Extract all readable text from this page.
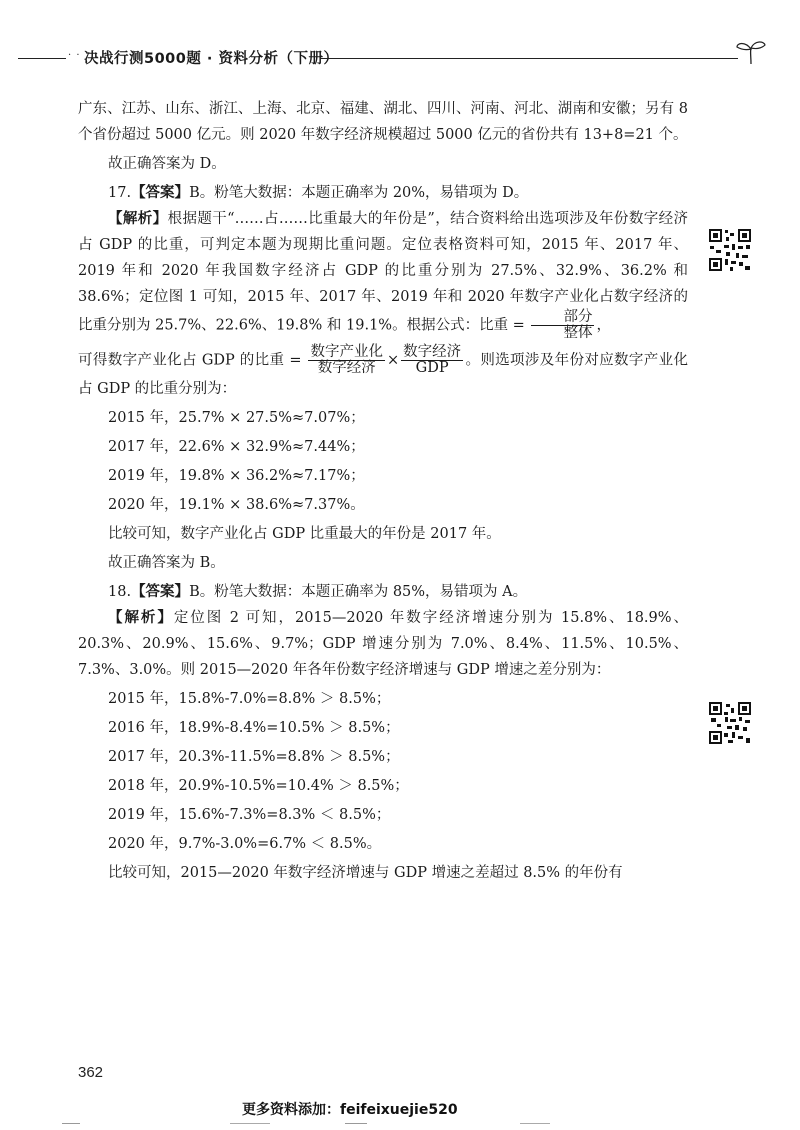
· · 决战行测5000题 · 资料分析（下册）
广东、江苏、山东、浙江、上海、北京、福建、湖北、四川、河南、河北、湖南和安徽；另有 8 个省份超过 5000 亿元。则 2020 年数字经济规模超过 5000 亿元的省份共有 13+8=21 个。
故正确答案为 D。
17.【答案】B。粉笔大数据：本题正确率为 20%，易错项为 D。
【解析】根据题干“……占……比重最大的年份是”，结合资料给出选项涉及年份数字经济占 GDP 的比重，可判定本题为现期比重问题。定位表格资料可知，2015 年、2017 年、2019 年和 2020 年我国数字经济占 GDP 的比重分别为 27.5%、32.9%、36.2% 和 38.6%；定位图 1 可知，2015 年、2017 年、2019 年和 2020 年数字产业化占数字经济的比重分别为 25.7%、22.6%、19.8% 和 19.1%。根据公式：比重 = $\frac{\text{部分}}{\text{整体}}$ ，
可得数字产业化占 GDP 的比重 = $\frac{\text{数字产业化}}{\text{数字经济}} \times \frac{\text{数字经济}}{\text{GDP}}$ 。则选项涉及年份对应数字产业化占 GDP 的比重分别为：
2015 年，25.7% × 27.5%≈7.07%；
2017 年，22.6% × 32.9%≈7.44%；
2019 年，19.8% × 36.2%≈7.17%；
2020 年，19.1% × 38.6%≈7.37%。
比较可知，数字产业化占 GDP 比重最大的年份是 2017 年。
故正确答案为 B。
18.【答案】B。粉笔大数据：本题正确率为 85%，易错项为 A。
【解析】定位图 2 可知，2015—2020 年数字经济增速分别为 15.8%、18.9%、20.3%、20.9%、15.6%、9.7%；GDP 增速分别为 7.0%、8.4%、11.5%、10.5%、7.3%、3.0%。则 2015—2020 年各年份数字经济增速与 GDP 增速之差分别为：
2015 年，15.8%-7.0%=8.8% ＞ 8.5%；
2016 年，18.9%-8.4%=10.5% ＞ 8.5%；
2017 年，20.3%-11.5%=8.8% ＞ 8.5%；
2018 年，20.9%-10.5%=10.4% ＞ 8.5%；
2019 年，15.6%-7.3%=8.3% ＜ 8.5%；
2020 年，9.7%-3.0%=6.7% ＜ 8.5%。
比较可知，2015—2020 年数字经济增速与 GDP 增速之差超过 8.5% 的年份有
362
更多资料添加：feifeixuejie520
